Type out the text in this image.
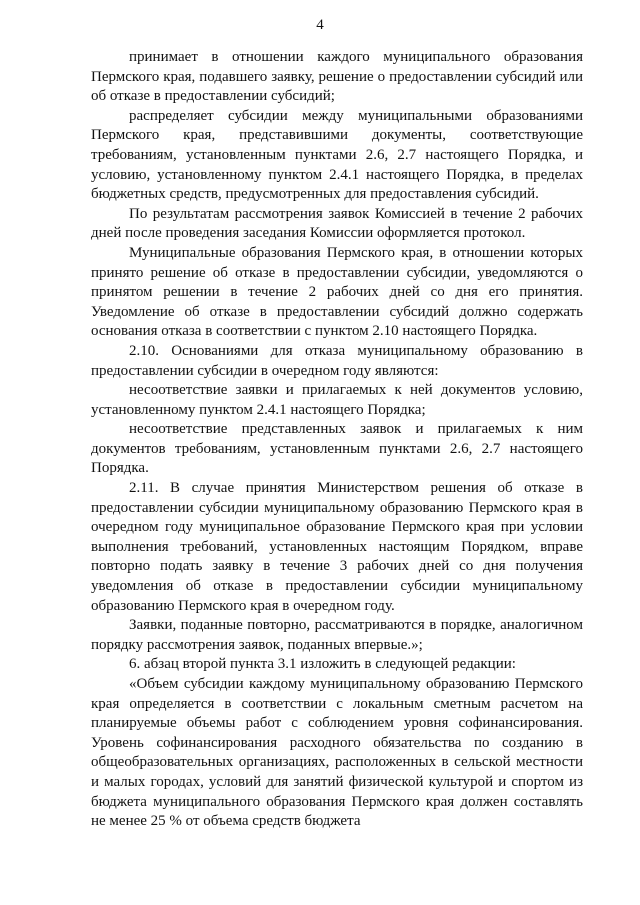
4

принимает в отношении каждого муниципального образования Пермского края, подавшего заявку, решение о предоставлении субсидий или об отказе в предоставлении субсидий;

распределяет субсидии между муниципальными образованиями Пермского края, представившими документы, соответствующие требованиям, установленным пунктами 2.6, 2.7 настоящего Порядка, и условию, установленному пунктом 2.4.1 настоящего Порядка, в пределах бюджетных средств, предусмотренных для предоставления субсидий.

По результатам рассмотрения заявок Комиссией в течение 2 рабочих дней после проведения заседания Комиссии оформляется протокол.

Муниципальные образования Пермского края, в отношении которых принято решение об отказе в предоставлении субсидии, уведомляются о принятом решении в течение 2 рабочих дней со дня его принятия. Уведомление об отказе в предоставлении субсидий должно содержать основания отказа в соответствии с пунктом 2.10 настоящего Порядка.

2.10. Основаниями для отказа муниципальному образованию в предоставлении субсидии в очередном году являются:

несоответствие заявки и прилагаемых к ней документов условию, установленному пунктом 2.4.1 настоящего Порядка;

несоответствие представленных заявок и прилагаемых к ним документов требованиям, установленным пунктами 2.6, 2.7 настоящего Порядка.

2.11. В случае принятия Министерством решения об отказе в предоставлении субсидии муниципальному образованию Пермского края в очередном году муниципальное образование Пермского края при условии выполнения требований, установленных настоящим Порядком, вправе повторно подать заявку в течение 3 рабочих дней со дня получения уведомления об отказе в предоставлении субсидии муниципальному образованию Пермского края в очередном году.

Заявки, поданные повторно, рассматриваются в порядке, аналогичном порядку рассмотрения заявок, поданных впервые.»;

6. абзац второй пункта 3.1 изложить в следующей редакции:

«Объем субсидии каждому муниципальному образованию Пермского края определяется в соответствии с локальным сметным расчетом на планируемые объемы работ с соблюдением уровня софинансирования. Уровень софинансирования расходного обязательства по созданию в общеобразовательных организациях, расположенных в сельской местности и малых городах, условий для занятий физической культурой и спортом из бюджета муниципального образования Пермского края должен составлять не менее 25 % от объема средств бюджета
